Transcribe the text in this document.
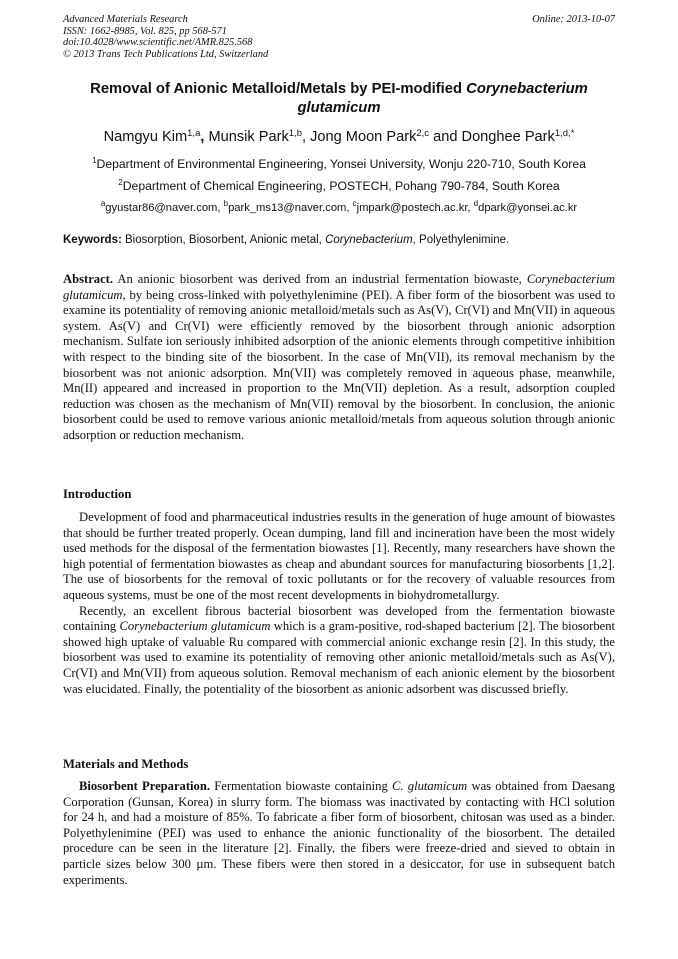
Advanced Materials Research
ISSN: 1662-8985, Vol. 825, pp 568-571
doi:10.4028/www.scientific.net/AMR.825.568
© 2013 Trans Tech Publications Ltd, Switzerland
Online: 2013-10-07
Removal of Anionic Metalloid/Metals by PEI-modified Corynebacterium glutamicum
Namgyu Kim$^{1,a}$, Munsik Park$^{1,b}$, Jong Moon Park$^{2,c}$ and Donghee Park$^{1,d,*}$
$^1$Department of Environmental Engineering, Yonsei University, Wonju 220-710, South Korea
$^2$Department of Chemical Engineering, POSTECH, Pohang 790-784, South Korea
$^a$gyustar86@naver.com, $^b$park_ms13@naver.com, $^c$jmpark@postech.ac.kr, $^d$dpark@yonsei.ac.kr
Keywords: Biosorption, Biosorbent, Anionic metal, Corynebacterium, Polyethylenimine.

Abstract. An anionic biosorbent was derived from an industrial fermentation biowaste, Corynebacterium glutamicum, by being cross-linked with polyethylenimine (PEI). A fiber form of the biosorbent was used to examine its potentiality of removing anionic metalloid/metals such as As(V), Cr(VI) and Mn(VII) in aqueous system. As(V) and Cr(VI) were efficiently removed by the biosorbent through anionic adsorption mechanism. Sulfate ion seriously inhibited adsorption of the anionic elements through competitive inhibition with respect to the binding site of the biosorbent. In the case of Mn(VII), its removal mechanism by the biosorbent was not anionic adsorption. Mn(VII) was completely removed in aqueous phase, meanwhile, Mn(II) appeared and increased in proportion to the Mn(VII) depletion. As a result, adsorption coupled reduction was chosen as the mechanism of Mn(VII) removal by the biosorbent. In conclusion, the anionic biosorbent could be used to remove various anionic metalloid/metals from aqueous solution through anionic adsorption or reduction mechanism.

Introduction

Development of food and pharmaceutical industries results in the generation of huge amount of biowastes that should be further treated properly. Ocean dumping, land fill and incineration have been the most widely used methods for the disposal of the fermentation biowastes [1]. Recently, many researchers have shown the high potential of fermentation biowastes as cheap and abundant sources for manufacturing biosorbents [1,2]. The use of biosorbents for the removal of toxic pollutants or for the recovery of valuable resources from aqueous systems, must be one of the most recent developments in biohydrometallurgy.

Recently, an excellent fibrous bacterial biosorbent was developed from the fermentation biowaste containing Corynebacterium glutamicum which is a gram-positive, rod-shaped bacterium [2]. The biosorbent showed high uptake of valuable Ru compared with commercial anionic exchange resin [2]. In this study, the biosorbent was used to examine its potentiality of removing other anionic metalloid/metals such as As(V), Cr(VI) and Mn(VII) from aqueous solution. Removal mechanism of each anionic element by the biosorbent was elucidated. Finally, the potentiality of the biosorbent as anionic adsorbent was discussed briefly.

Materials and Methods

Biosorbent Preparation. Fermentation biowaste containing C. glutamicum was obtained from Daesang Corporation (Gunsan, Korea) in slurry form. The biomass was inactivated by contacting with HCl solution for 24 h, and had a moisture of 85%. To fabricate a fiber form of biosorbent, chitosan was used as a binder. Polyethylenimine (PEI) was used to enhance the anionic functionality of the biosorbent. The detailed procedure can be seen in the literature [2]. Finally, the fibers were freeze-dried and sieved to obtain in particle sizes below 300 µm. These fibers were then stored in a desiccator, for use in subsequent batch experiments.
